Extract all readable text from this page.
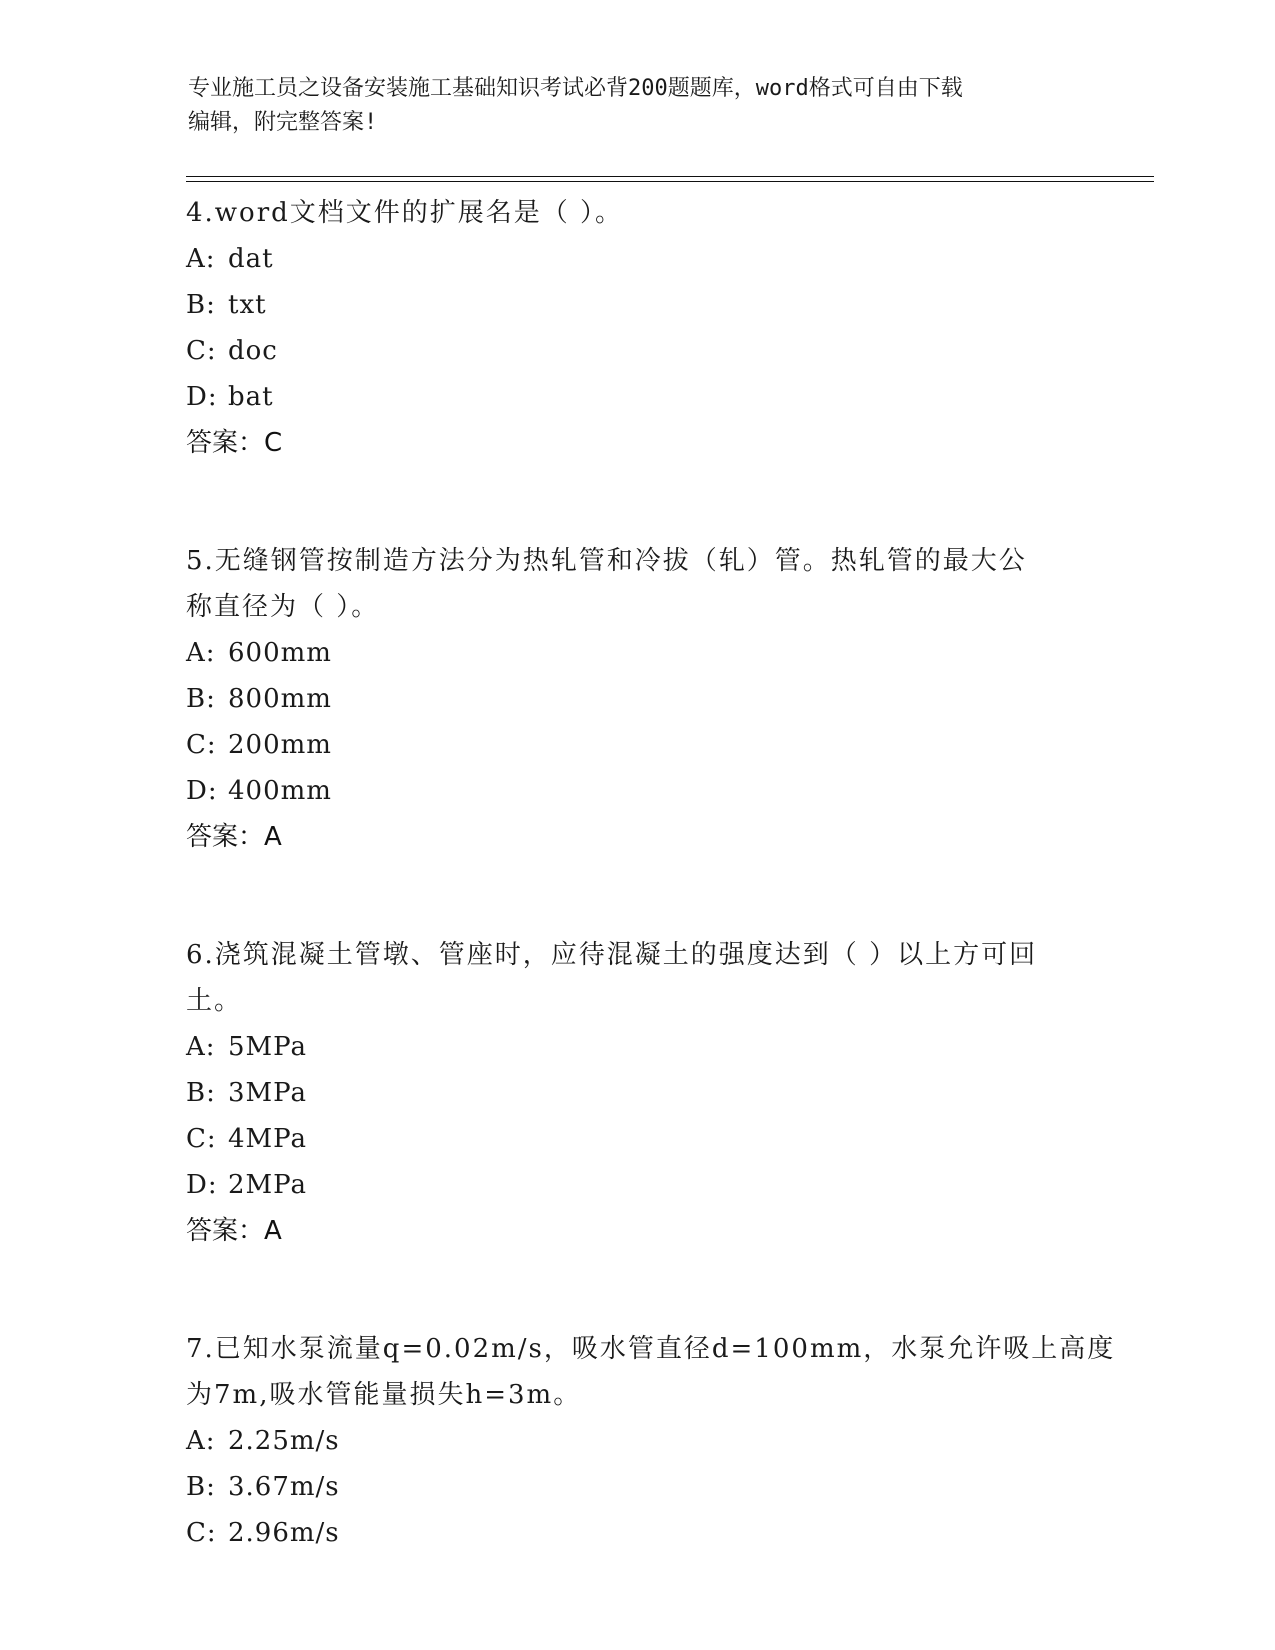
专业施工员之设备安装施工基础知识考试必背200题题库，word格式可自由下载
编辑，附完整答案!
4.word文档文件的扩展名是（ ）。
A: dat
B: txt
C: doc
D: bat
答案：C
5.无缝钢管按制造方法分为热轧管和冷拔（轧）管。热轧管的最大公
称直径为（ ）。
A: 600mm
B: 800mm
C: 200mm
D: 400mm
答案：A
6.浇筑混凝土管墩、管座时，应待混凝土的强度达到（ ）以上方可回
土。
A: 5MPa
B: 3MPa
C: 4MPa
D: 2MPa
答案：A
7.已知水泵流量q=0.02m/s，吸水管直径d=100mm，水泵允许吸上高度
为7m,吸水管能量损失h=3m。
A: 2.25m/s
B: 3.67m/s
C: 2.96m/s
